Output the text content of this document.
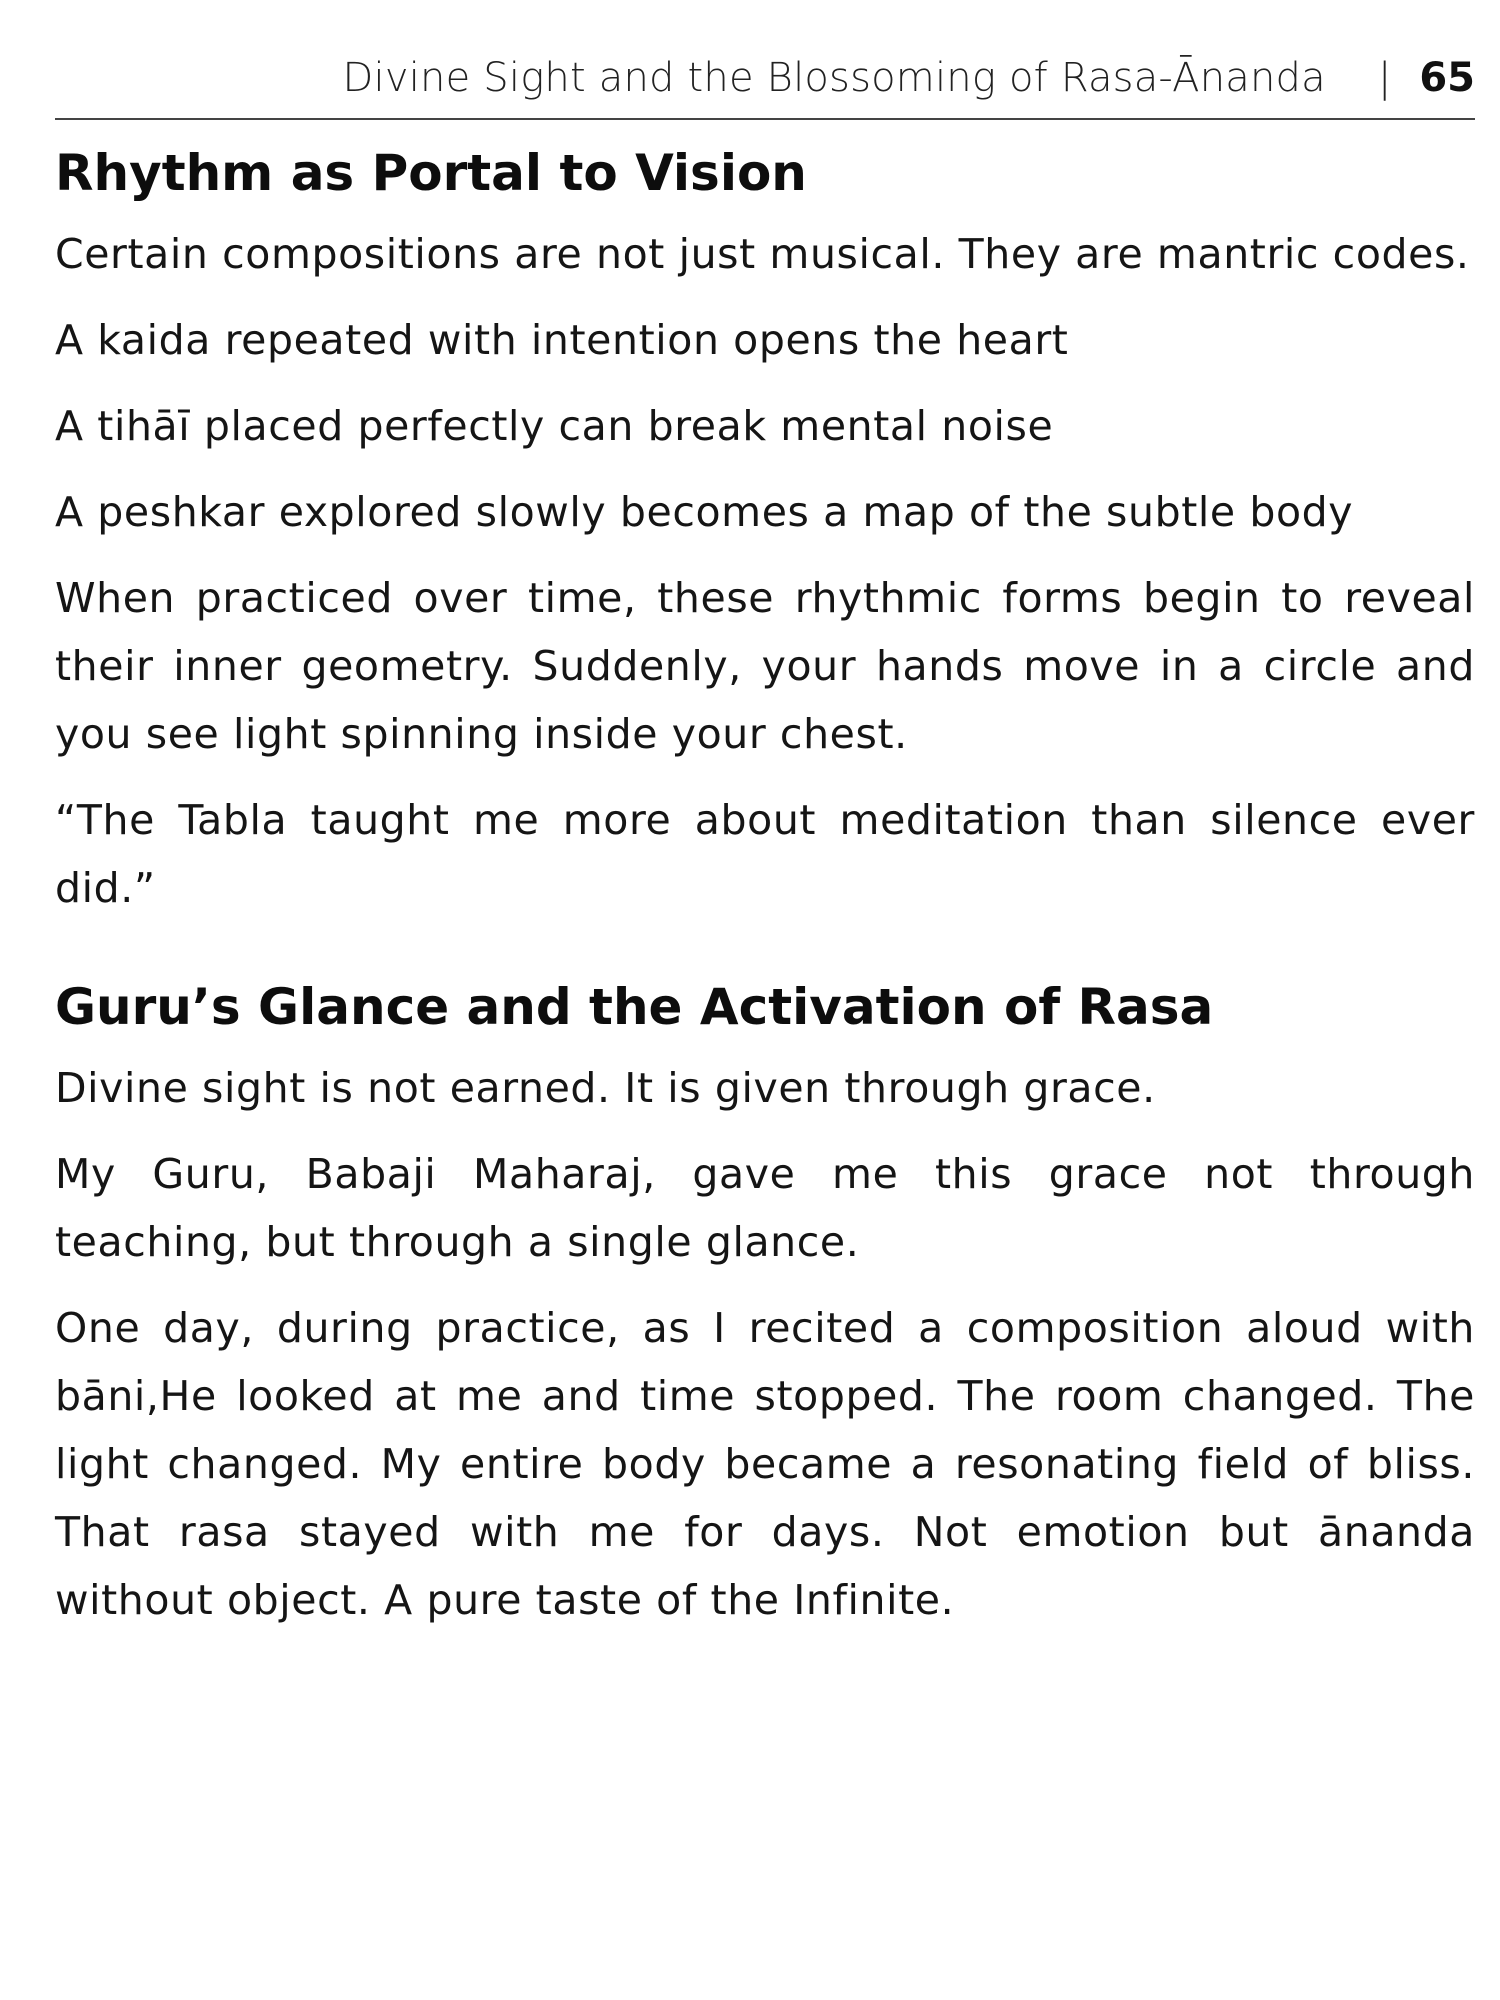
Divine Sight and the Blossoming of Rasa-Ānanda | 65
Rhythm as Portal to Vision

Certain compositions are not just musical. They are mantric codes.

A kaida repeated with intention opens the heart

A tihāī placed perfectly can break mental noise

A peshkar explored slowly becomes a map of the subtle body

When practiced over time, these rhythmic forms begin to reveal their inner geometry. Suddenly, your hands move in a circle and you see light spinning inside your chest.

“The Tabla taught me more about meditation than silence ever did.”

Guru’s Glance and the Activation of Rasa

Divine sight is not earned. It is given through grace.

My Guru, Babaji Maharaj, gave me this grace not through teaching, but through a single glance.

One day, during practice, as I recited a composition aloud with bāni,He looked at me and time stopped. The room changed. The light changed. My entire body became a resonating field of bliss. That rasa stayed with me for days. Not emotion but ānanda without object. A pure taste of the Infinite.
